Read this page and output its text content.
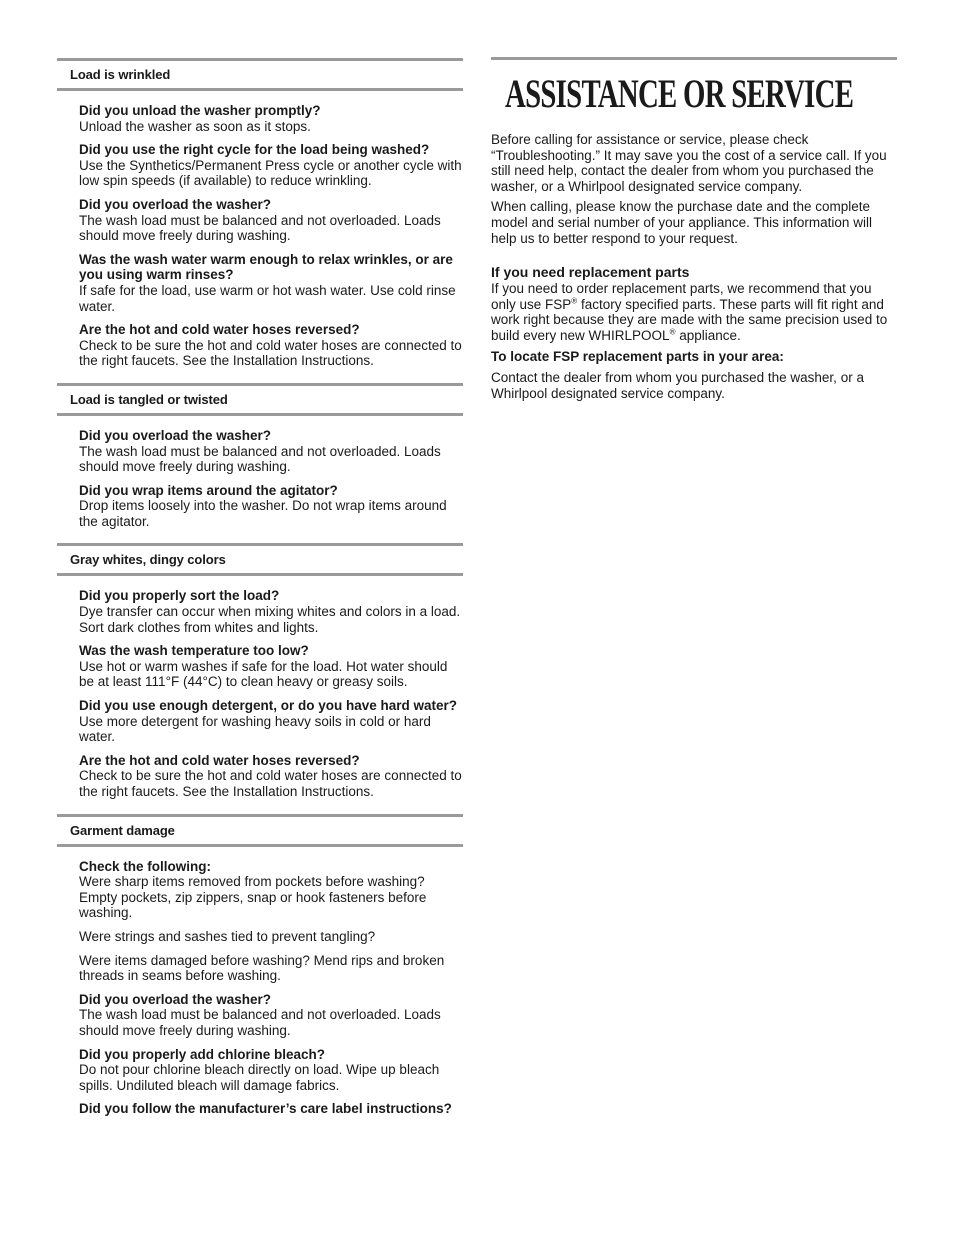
Load is wrinkled
Did you unload the washer promptly?
Unload the washer as soon as it stops.
Did you use the right cycle for the load being washed?
Use the Synthetics/Permanent Press cycle or another cycle with low spin speeds (if available) to reduce wrinkling.
Did you overload the washer?
The wash load must be balanced and not overloaded. Loads should move freely during washing.
Was the wash water warm enough to relax wrinkles, or are you using warm rinses?
If safe for the load, use warm or hot wash water. Use cold rinse water.
Are the hot and cold water hoses reversed?
Check to be sure the hot and cold water hoses are connected to the right faucets. See the Installation Instructions.
Load is tangled or twisted
Did you overload the washer?
The wash load must be balanced and not overloaded. Loads should move freely during washing.
Did you wrap items around the agitator?
Drop items loosely into the washer. Do not wrap items around the agitator.
Gray whites, dingy colors
Did you properly sort the load?
Dye transfer can occur when mixing whites and colors in a load. Sort dark clothes from whites and lights.
Was the wash temperature too low?
Use hot or warm washes if safe for the load. Hot water should be at least 111°F (44°C) to clean heavy or greasy soils.
Did you use enough detergent, or do you have hard water?
Use more detergent for washing heavy soils in cold or hard water.
Are the hot and cold water hoses reversed?
Check to be sure the hot and cold water hoses are connected to the right faucets. See the Installation Instructions.
Garment damage
Check the following:
Were sharp items removed from pockets before washing? Empty pockets, zip zippers, snap or hook fasteners before washing.
Were strings and sashes tied to prevent tangling?
Were items damaged before washing? Mend rips and broken threads in seams before washing.
Did you overload the washer?
The wash load must be balanced and not overloaded. Loads should move freely during washing.
Did you properly add chlorine bleach?
Do not pour chlorine bleach directly on load. Wipe up bleach spills. Undiluted bleach will damage fabrics.
Did you follow the manufacturer’s care label instructions?
ASSISTANCE OR SERVICE

Before calling for assistance or service, please check “Troubleshooting.” It may save you the cost of a service call. If you still need help, contact the dealer from whom you purchased the washer, or a Whirlpool designated service company.

When calling, please know the purchase date and the complete model and serial number of your appliance. This information will help us to better respond to your request.

If you need replacement parts

If you need to order replacement parts, we recommend that you only use FSP® factory specified parts. These parts will fit right and work right because they are made with the same precision used to build every new WHIRLPOOL® appliance.

To locate FSP replacement parts in your area:

Contact the dealer from whom you purchased the washer, or a Whirlpool designated service company.
